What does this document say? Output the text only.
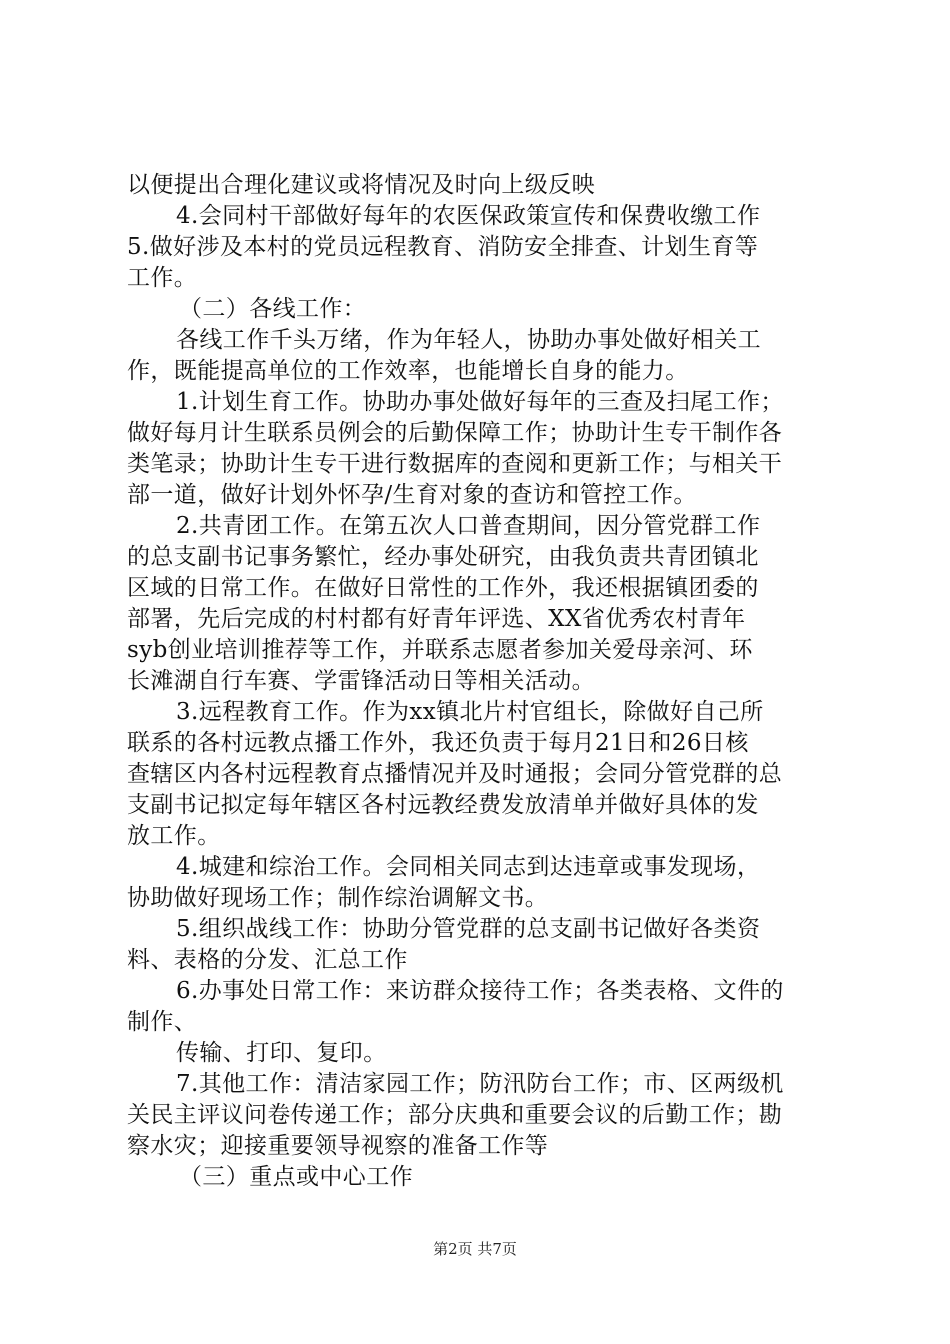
以便提出合理化建议或将情况及时向上级反映
4.会同村干部做好每年的农医保政策宣传和保费收缴工作
5.做好涉及本村的党员远程教育、消防安全排查、计划生育等
工作。
（二）各线工作：
各线工作千头万绪，作为年轻人，协助办事处做好相关工
作，既能提高单位的工作效率，也能增长自身的能力。
1.计划生育工作。协助办事处做好每年的三查及扫尾工作；
做好每月计生联系员例会的后勤保障工作；协助计生专干制作各
类笔录；协助计生专干进行数据库的查阅和更新工作；与相关干
部一道，做好计划外怀孕/生育对象的查访和管控工作。
2.共青团工作。在第五次人口普查期间，因分管党群工作
的总支副书记事务繁忙，经办事处研究，由我负责共青团镇北
区域的日常工作。在做好日常性的工作外，我还根据镇团委的
部署，先后完成的村村都有好青年评选、XX省优秀农村青年
syb创业培训推荐等工作，并联系志愿者参加关爱母亲河、环
长滩湖自行车赛、学雷锋活动日等相关活动。
3.远程教育工作。作为xx镇北片村官组长，除做好自己所
联系的各村远教点播工作外，我还负责于每月21日和26日核
查辖区内各村远程教育点播情况并及时通报；会同分管党群的总
支副书记拟定每年辖区各村远教经费发放清单并做好具体的发
放工作。
4.城建和综治工作。会同相关同志到达违章或事发现场，
协助做好现场工作；制作综治调解文书。
5.组织战线工作：协助分管党群的总支副书记做好各类资
料、表格的分发、汇总工作
6.办事处日常工作：来访群众接待工作；各类表格、文件的
制作、
传输、打印、复印。
7.其他工作：清洁家园工作；防汛防台工作；市、区两级机
关民主评议问卷传递工作；部分庆典和重要会议的后勤工作；勘
察水灾；迎接重要领导视察的准备工作等
（三）重点或中心工作
第2页 共7页
